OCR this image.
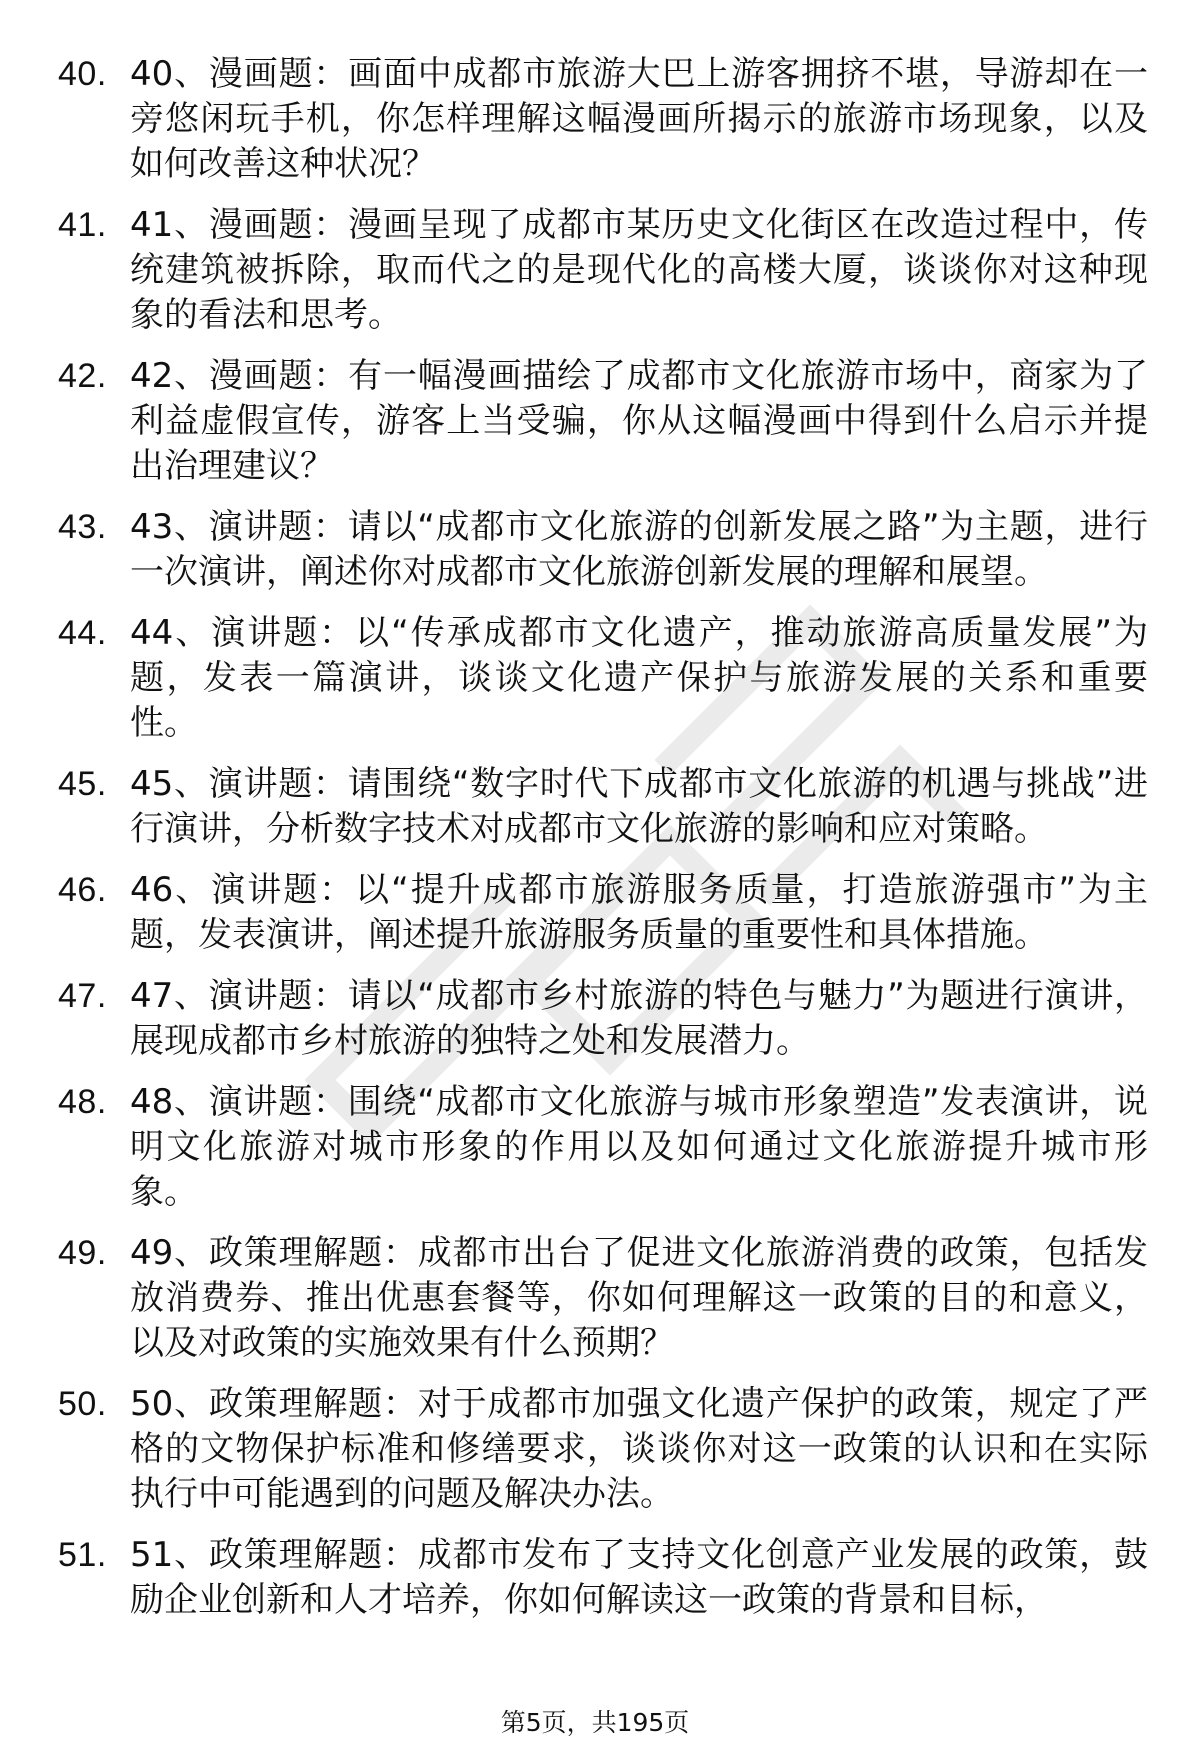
40. 40、漫画题：画面中成都市旅游大巴上游客拥挤不堪，导游却在一旁悠闲玩手机，你怎样理解这幅漫画所揭示的旅游市场现象，以及如何改善这种状况？
41. 41、漫画题：漫画呈现了成都市某历史文化街区在改造过程中，传统建筑被拆除，取而代之的是现代化的高楼大厦，谈谈你对这种现象的看法和思考。
42. 42、漫画题：有一幅漫画描绘了成都市文化旅游市场中，商家为了利益虚假宣传，游客上当受骗，你从这幅漫画中得到什么启示并提出治理建议？
43. 43、演讲题：请以“成都市文化旅游的创新发展之路”为主题，进行一次演讲，阐述你对成都市文化旅游创新发展的理解和展望。
44. 44、演讲题：以“传承成都市文化遗产，推动旅游高质量发展”为题，发表一篇演讲，谈谈文化遗产保护与旅游发展的关系和重要性。
45. 45、演讲题：请围绕“数字时代下成都市文化旅游的机遇与挑战”进行演讲，分析数字技术对成都市文化旅游的影响和应对策略。
46. 46、演讲题：以“提升成都市旅游服务质量，打造旅游强市”为主题，发表演讲，阐述提升旅游服务质量的重要性和具体措施。
47. 47、演讲题：请以“成都市乡村旅游的特色与魅力”为题进行演讲，展现成都市乡村旅游的独特之处和发展潜力。
48. 48、演讲题：围绕“成都市文化旅游与城市形象塑造”发表演讲，说明文化旅游对城市形象的作用以及如何通过文化旅游提升城市形象。
49. 49、政策理解题：成都市出台了促进文化旅游消费的政策，包括发放消费券、推出优惠套餐等，你如何理解这一政策的目的和意义，以及对政策的实施效果有什么预期？
50. 50、政策理解题：对于成都市加强文化遗产保护的政策，规定了严格的文物保护标准和修缮要求，谈谈你对这一政策的认识和在实际执行中可能遇到的问题及解决办法。
51. 51、政策理解题：成都市发布了支持文化创意产业发展的政策，鼓励企业创新和人才培养，你如何解读这一政策的背景和目标，
第5页，共195页
